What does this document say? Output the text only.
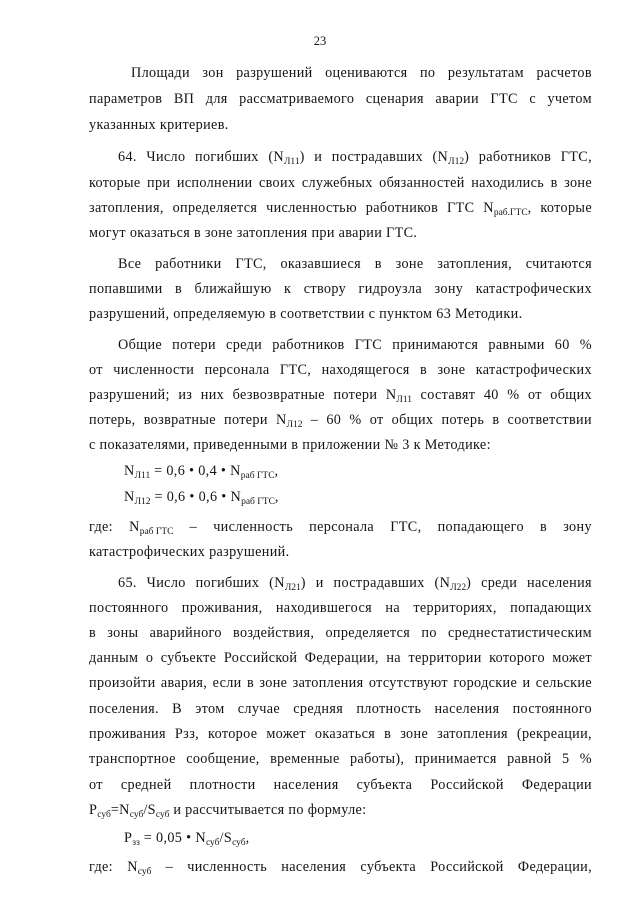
23
Площади зон разрушений оцениваются по результатам расчетов
параметров ВП для рассматриваемого сценария аварии ГТС с учетом
указанных критериев.
64. Число погибших $(N_{Л11})$ и пострадавших $(N_{Л12})$ работников ГТС,
которые при исполнении своих служебных обязанностей находились в зоне
затопления, определяется численностью работников ГТС $N_{раб.ГТС}$, которые
могут оказаться в зоне затопления при аварии ГТС.
Все работники ГТС, оказавшиеся в зоне затопления, считаются
попавшими в ближайшую к створу гидроузла зону катастрофических
разрушений, определяемую в соответствии с пунктом 63 Методики.
Общие потери среди работников ГТС принимаются равными 60 %
от численности персонала ГТС, находящегося в зоне катастрофических
разрушений; из них безвозвратные потери $N_{Л11}$ составят 40 % от общих
потерь, возвратные потери $N_{Л12} - 60$ % от общих потерь в соответствии
с показателями, приведенными в приложении № 3 к Методике:
$N_{Л11} = 0,6$ • 0,4 • $N_{раб ГТС}$,
$N_{Л12} = 0,6$ • 0,6 • $N_{раб ГТС}$,
где: $N_{раб ГТС}$ – численность персонала ГТС, попадающего в зону
катастрофических разрушений.
65. Число погибших $(N_{Л21})$ и пострадавших $(N_{Л22})$ среди населения
постоянного проживания, находившегося на территориях, попадающих
в зоны аварийного воздействия, определяется по среднестатистическим
данным о субъекте Российской Федерации, на территории которого может
произойти авария, если в зоне затопления отсутствуют городские и сельские
поселения. В этом случае средняя плотность населения постоянного
проживания Рзз, которое может оказаться в зоне затопления (рекреации,
транспортное сообщение, временные работы), принимается равной 5 %
от средней плотности населения субъекта Российской Федерации
$Р_{суб}=N_{суб}/S_{суб}$ и рассчитывается по формуле:
$Р_{зз} = 0,05$ • $N_{суб}/S_{суб}$,
где: $N_{суб}$ – численность населения субъекта Российской Федерации,
